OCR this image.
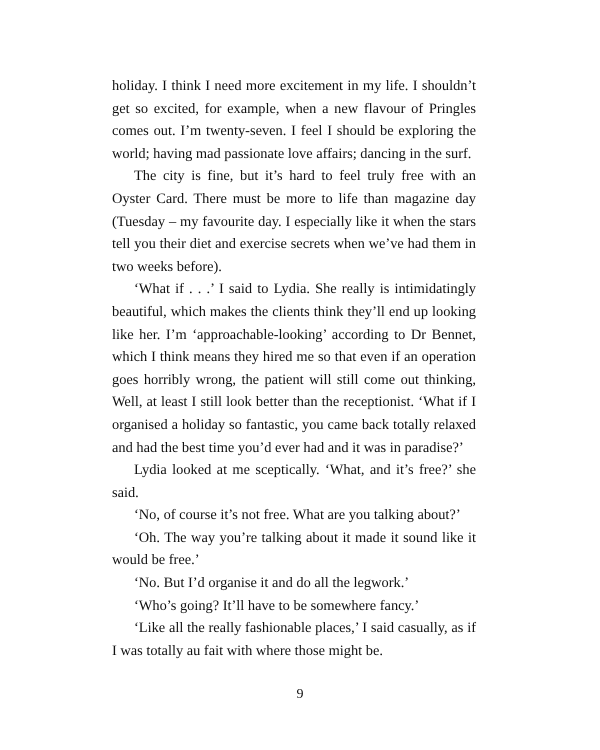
holiday. I think I need more excitement in my life. I shouldn’t get so excited, for example, when a new flavour of Pringles comes out. I’m twenty-seven. I feel I should be exploring the world; having mad passionate love affairs; dancing in the surf.

The city is fine, but it’s hard to feel truly free with an Oyster Card. There must be more to life than magazine day (Tuesday – my favourite day. I especially like it when the stars tell you their diet and exercise secrets when we’ve had them in two weeks before).

‘What if . . .’ I said to Lydia. She really is intimidatingly beautiful, which makes the clients think they’ll end up looking like her. I’m ‘approachable-looking’ according to Dr Bennet, which I think means they hired me so that even if an operation goes horribly wrong, the patient will still come out thinking, Well, at least I still look better than the receptionist. ‘What if I organised a holiday so fantastic, you came back totally relaxed and had the best time you’d ever had and it was in paradise?’

Lydia looked at me sceptically. ‘What, and it’s free?’ she said.

‘No, of course it’s not free. What are you talking about?’

‘Oh. The way you’re talking about it made it sound like it would be free.’

‘No. But I’d organise it and do all the legwork.’

‘Who’s going? It’ll have to be somewhere fancy.’

‘Like all the really fashionable places,’ I said casually, as if I was totally au fait with where those might be.

9
